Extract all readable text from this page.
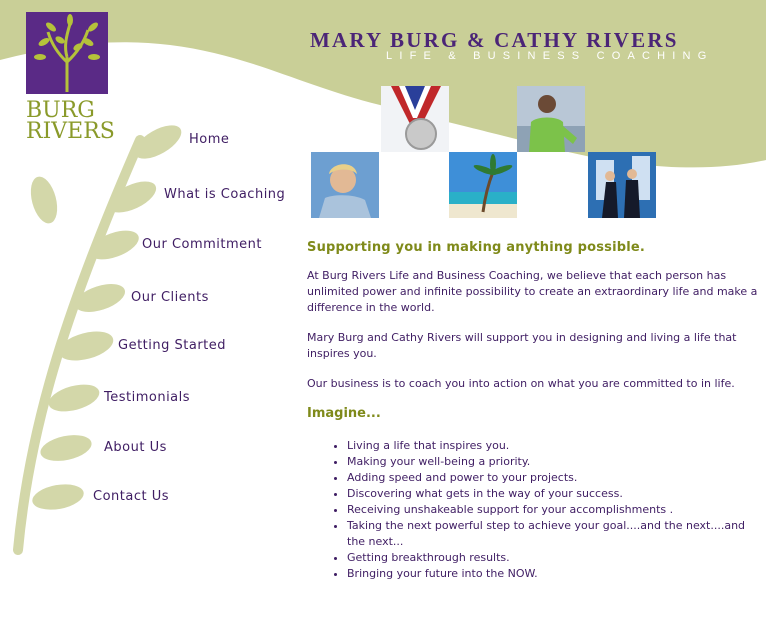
BURG
RIVERS
MARY BURG & CATHY RIVERS
LIFE & BUSINESS COACHING
Home
What is Coaching
Our Commitment
Our Clients
Getting Started
Testimonials
About Us
Contact Us
Supporting you in making anything possible.

At Burg Rivers Life and Business Coaching, we believe that each person has unlimited power and infinite possibility to create an extraordinary life and make a difference in the world.

Mary Burg and Cathy Rivers will support you in designing and living a life that inspires you.

Our business is to coach you into action on what you are committed to in life.

Imagine...
• Living a life that inspires you.
• Making your well-being a priority.
• Adding speed and power to your projects.
• Discovering what gets in the way of your success.
• Receiving unshakeable support for your accomplishments .
• Taking the next powerful step to achieve your goal....and the next....and the next...
• Getting breakthrough results.
• Bringing your future into the NOW.
